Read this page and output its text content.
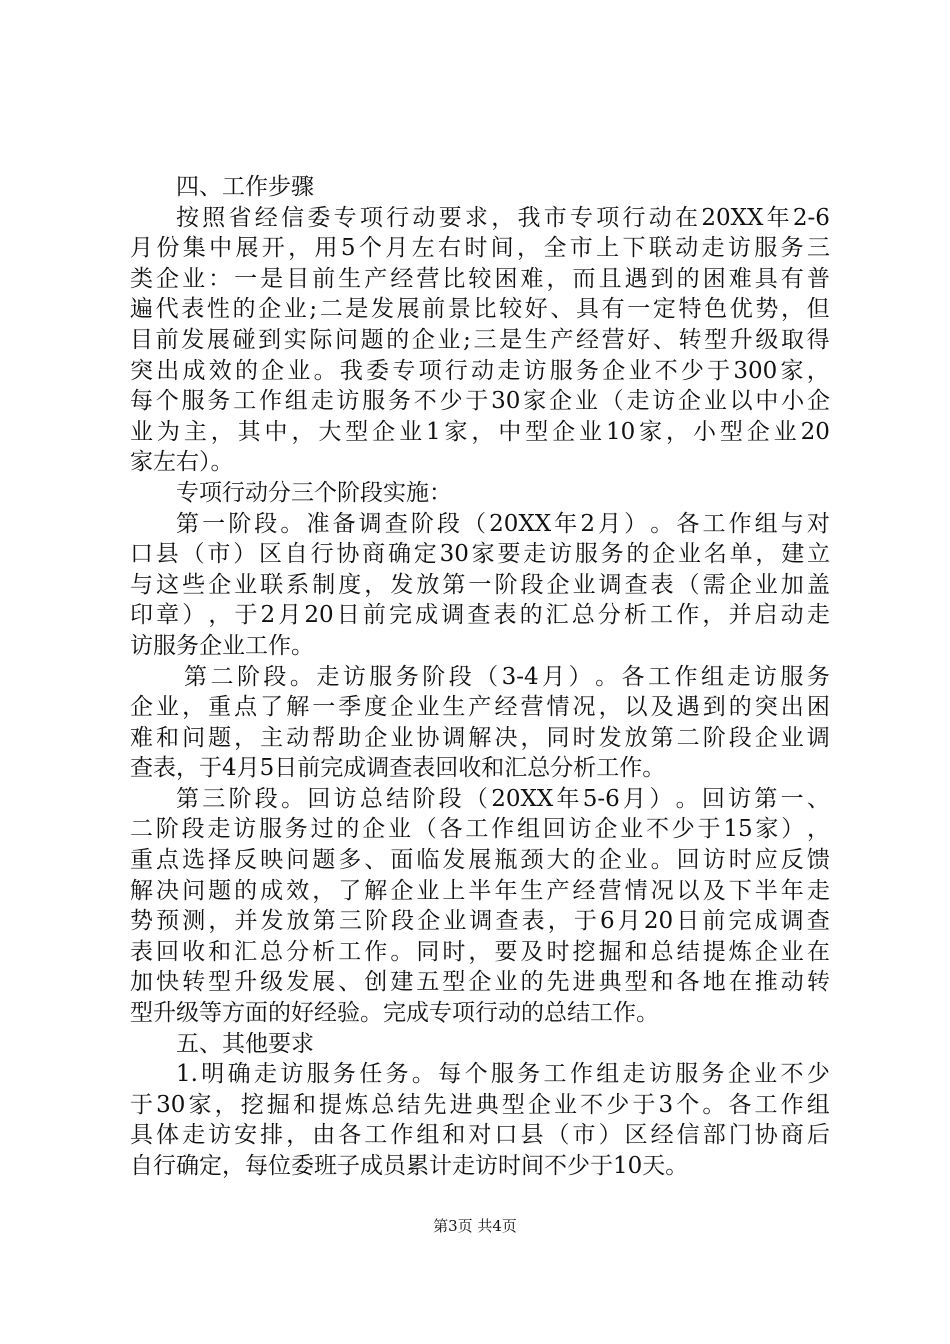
四、工作步骤
按 照 省 经 信 委 专 项 行 动 要 求 ， 我 市 专 项 行 动 在 20XX 年 2-6
月 份 集 中 展 开 ， 用 5 个 月 左 右 时 间 ， 全 市 上 下 联 动 走 访 服 务 三
类 企 业 ： 一 是 目 前 生 产 经 营 比 较 困 难 ， 而 且 遇 到 的 困 难 具 有 普
遍 代 表 性 的 企 业 ; 二 是 发 展 前 景 比 较 好 、 具 有 一 定 特 色 优 势 ， 但
目 前 发 展 碰 到 实 际 问 题 的 企 业 ; 三 是 生 产 经 营 好 、 转 型 升 级 取 得
突 出 成 效 的 企 业 。 我 委 专 项 行 动 走 访 服 务 企 业 不 少 于 300 家 ，
每 个 服 务 工 作 组 走 访 服 务 不 少 于 30 家 企 业 （ 走 访 企 业 以 中 小 企
业 为 主 ， 其 中 ， 大 型 企 业 1 家 ， 中 型 企 业 10 家 ， 小 型 企 业 20
家左右）。
专项行动分三个阶段实施：
第 一 阶 段 。 准 备 调 查 阶 段 （ 20XX 年 2 月 ） 。 各 工 作 组 与 对
口 县 （ 市 ） 区 自 行 协 商 确 定 30 家 要 走 访 服 务 的 企 业 名 单 ， 建 立
与 这 些 企 业 联 系 制 度 ， 发 放 第 一 阶 段 企 业 调 查 表 （ 需 企 业 加 盖
印 章 ） ， 于 2 月 20 日 前 完 成 调 查 表 的 汇 总 分 析 工 作 ， 并 启 动 走
访服务企业工作。
第 二 阶 段 。 走 访 服 务 阶 段 （ 3-4 月 ） 。 各 工 作 组 走 访 服 务
企 业 ， 重 点 了 解 一 季 度 企 业 生 产 经 营 情 况 ， 以 及 遇 到 的 突 出 困
难 和 问 题 ， 主 动 帮 助 企 业 协 调 解 决 ， 同 时 发 放 第 二 阶 段 企 业 调
查表，于4月5日前完成调查表回收和汇总分析工作。
第 三 阶 段 。 回 访 总 结 阶 段 （ 20XX 年 5-6 月 ） 。 回 访 第 一 、
二 阶 段 走 访 服 务 过 的 企 业 （ 各 工 作 组 回 访 企 业 不 少 于 15 家 ） ，
重 点 选 择 反 映 问 题 多 、 面 临 发 展 瓶 颈 大 的 企 业 。 回 访 时 应 反 馈
解 决 问 题 的 成 效 ， 了 解 企 业 上 半 年 生 产 经 营 情 况 以 及 下 半 年 走
势 预 测 ， 并 发 放 第 三 阶 段 企 业 调 查 表 ， 于 6 月 20 日 前 完 成 调 查
表 回 收 和 汇 总 分 析 工 作 。 同 时 ， 要 及 时 挖 掘 和 总 结 提 炼 企 业 在
加 快 转 型 升 级 发 展 、 创 建 五 型 企 业 的 先 进 典 型 和 各 地 在 推 动 转
型升级等方面的好经验。完成专项行动的总结工作。
五、其他要求
1. 明 确 走 访 服 务 任 务 。 每 个 服 务 工 作 组 走 访 服 务 企 业 不 少
于 30 家 ， 挖 掘 和 提 炼 总 结 先 进 典 型 企 业 不 少 于 3 个 。 各 工 作 组
具 体 走 访 安 排 ， 由 各 工 作 组 和 对 口 县 （ 市 ） 区 经 信 部 门 协 商 后
自行确定，每位委班子成员累计走访时间不少于10天。
第3页 共4页
